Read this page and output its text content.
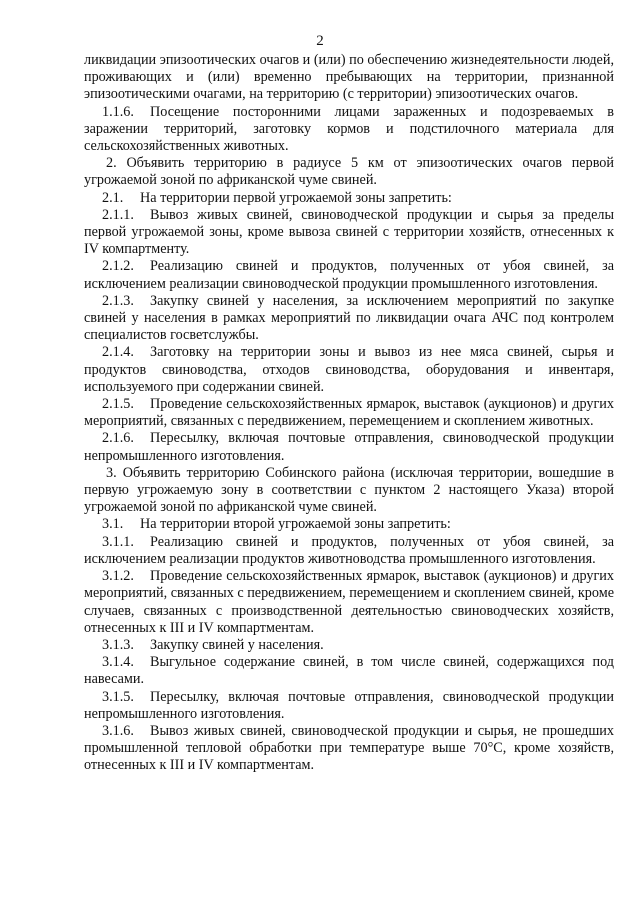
2

ликвидации эпизоотических очагов и (или) по обеспечению жизнедеятельности людей, проживающих и (или) временно пребывающих на территории, признанной эпизоотическими очагами, на территорию (с территории) эпизоотических очагов.

1.1.6. Посещение посторонними лицами зараженных и подозреваемых в заражении территорий, заготовку кормов и подстилочного материала для сельскохозяйственных животных.

2. Объявить территорию в радиусе 5 км от эпизоотических очагов первой угрожаемой зоной по африканской чуме свиней.

2.1. На территории первой угрожаемой зоны запретить:

2.1.1. Вывоз живых свиней, свиноводческой продукции и сырья за пределы первой угрожаемой зоны, кроме вывоза свиней с территории хозяйств, отнесенных к IV компартменту.

2.1.2. Реализацию свиней и продуктов, полученных от убоя свиней, за исключением реализации свиноводческой продукции промышленного изготовления.

2.1.3. Закупку свиней у населения, за исключением мероприятий по закупке свиней у населения в рамках мероприятий по ликвидации очага АЧС под контролем специалистов госветслужбы.

2.1.4. Заготовку на территории зоны и вывоз из нее мяса свиней, сырья и продуктов свиноводства, отходов свиноводства, оборудования и инвентаря, используемого при содержании свиней.

2.1.5. Проведение сельскохозяйственных ярмарок, выставок (аукционов) и других мероприятий, связанных с передвижением, перемещением и скоплением животных.

2.1.6. Пересылку, включая почтовые отправления, свиноводческой продукции непромышленного изготовления.

3. Объявить территорию Собинского района (исключая территории, вошедшие в первую угрожаемую зону в соответствии с пунктом 2 настоящего Указа) второй угрожаемой зоной по африканской чуме свиней.

3.1. На территории второй угрожаемой зоны запретить:

3.1.1. Реализацию свиней и продуктов, полученных от убоя свиней, за исключением реализации продуктов животноводства промышленного изготовления.

3.1.2. Проведение сельскохозяйственных ярмарок, выставок (аукционов) и других мероприятий, связанных с передвижением, перемещением и скоплением свиней, кроме случаев, связанных с производственной деятельностью свиноводческих хозяйств, отнесенных к III и IV компартментам.

3.1.3. Закупку свиней у населения.

3.1.4. Выгульное содержание свиней, в том числе свиней, содержащихся под навесами.

3.1.5. Пересылку, включая почтовые отправления, свиноводческой продукции непромышленного изготовления.

3.1.6. Вывоз живых свиней, свиноводческой продукции и сырья, не прошедших промышленной тепловой обработки при температуре выше 70°С, кроме хозяйств, отнесенных к III и IV компартментам.
